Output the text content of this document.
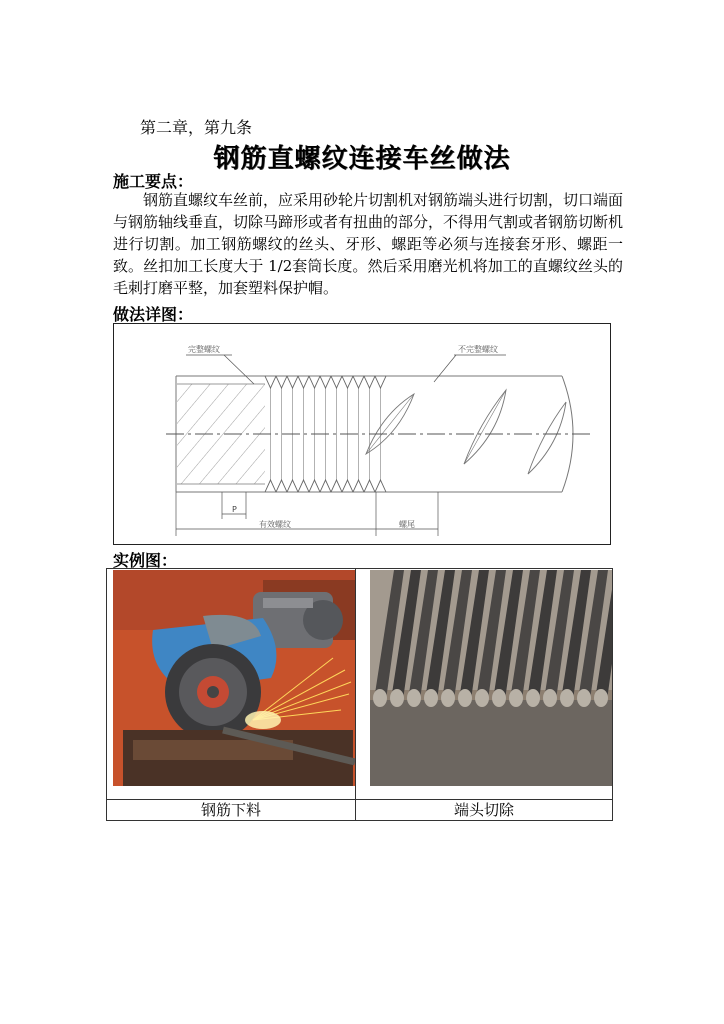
第二章，第九条
钢筋直螺纹连接车丝做法
施工要点：
钢筋直螺纹车丝前，应采用砂轮片切割机对钢筋端头进行切割，切口端面与钢筋轴线垂直，切除马蹄形或者有扭曲的部分，不得用气割或者钢筋切断机进行切割。加工钢筋螺纹的丝头、牙形、螺距等必须与连接套牙形、螺距一致。丝扣加工长度大于 1/2套筒长度。然后采用磨光机将加工的直螺纹丝头的毛刺打磨平整，加套塑料保护帽。
做法详图：
完整螺纹	不完整螺纹
P
有效螺纹	螺尾
实例图：

钢筋下料	端头切除
